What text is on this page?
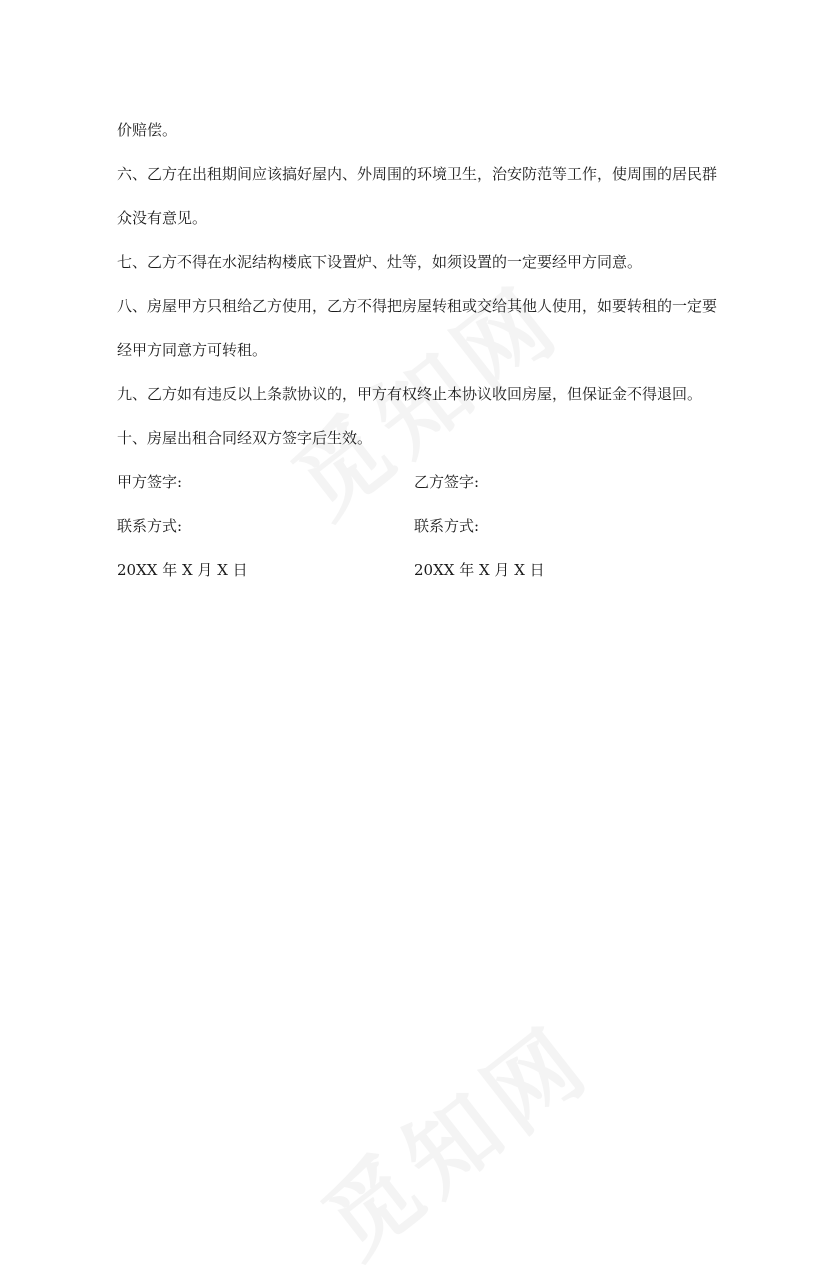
价赔偿。

六、乙方在出租期间应该搞好屋内、外周围的环境卫生，治安防范等工作，使周围的居民群众没有意见。

七、乙方不得在水泥结构楼底下设置炉、灶等，如须设置的一定要经甲方同意。

八、房屋甲方只租给乙方使用，乙方不得把房屋转租或交给其他人使用，如要转租的一定要经甲方同意方可转租。

九、乙方如有违反以上条款协议的，甲方有权终止本协议收回房屋，但保证金不得退回。

十、房屋出租合同经双方签字后生效。

甲方签字:	乙方签字:
联系方式:	联系方式:
20XX 年 X 月 X 日	20XX 年 X 月 X 日
